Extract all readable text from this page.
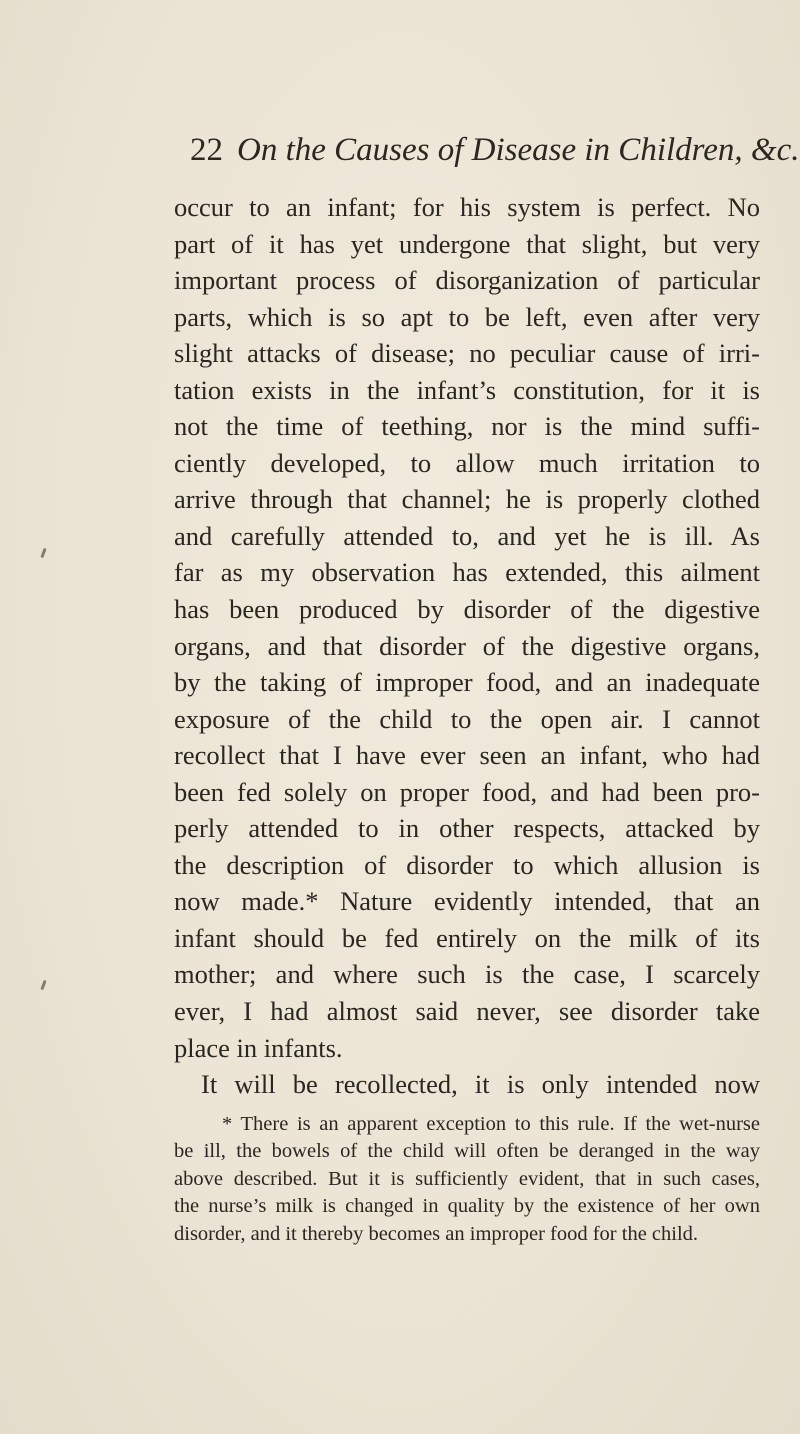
22 On the Causes of Disease in Children, &c.
occur to an infant; for his system is perfect. No
part of it has yet undergone that slight, but very
important process of disorganization of particular
parts, which is so apt to be left, even after very
slight attacks of disease; no peculiar cause of irri-
tation exists in the infant’s constitution, for it is
not the time of teething, nor is the mind suffi-
ciently developed, to allow much irritation to
arrive through that channel; he is properly clothed
and carefully attended to, and yet he is ill. As
far as my observation has extended, this ailment
has been produced by disorder of the digestive
organs, and that disorder of the digestive organs,
by the taking of improper food, and an inadequate
exposure of the child to the open air. I cannot
recollect that I have ever seen an infant, who had
been fed solely on proper food, and had been pro-
perly attended to in other respects, attacked by
the description of disorder to which allusion is
now made.* Nature evidently intended, that an
infant should be fed entirely on the milk of its
mother; and where such is the case, I scarcely
ever, I had almost said never, see disorder take
place in infants.
It will be recollected, it is only intended now
* There is an apparent exception to this rule. If the wet-nurse
be ill, the bowels of the child will often be deranged in the way
above described. But it is sufficiently evident, that in such cases,
the nurse’s milk is changed in quality by the existence of her own
disorder, and it thereby becomes an improper food for the child.
